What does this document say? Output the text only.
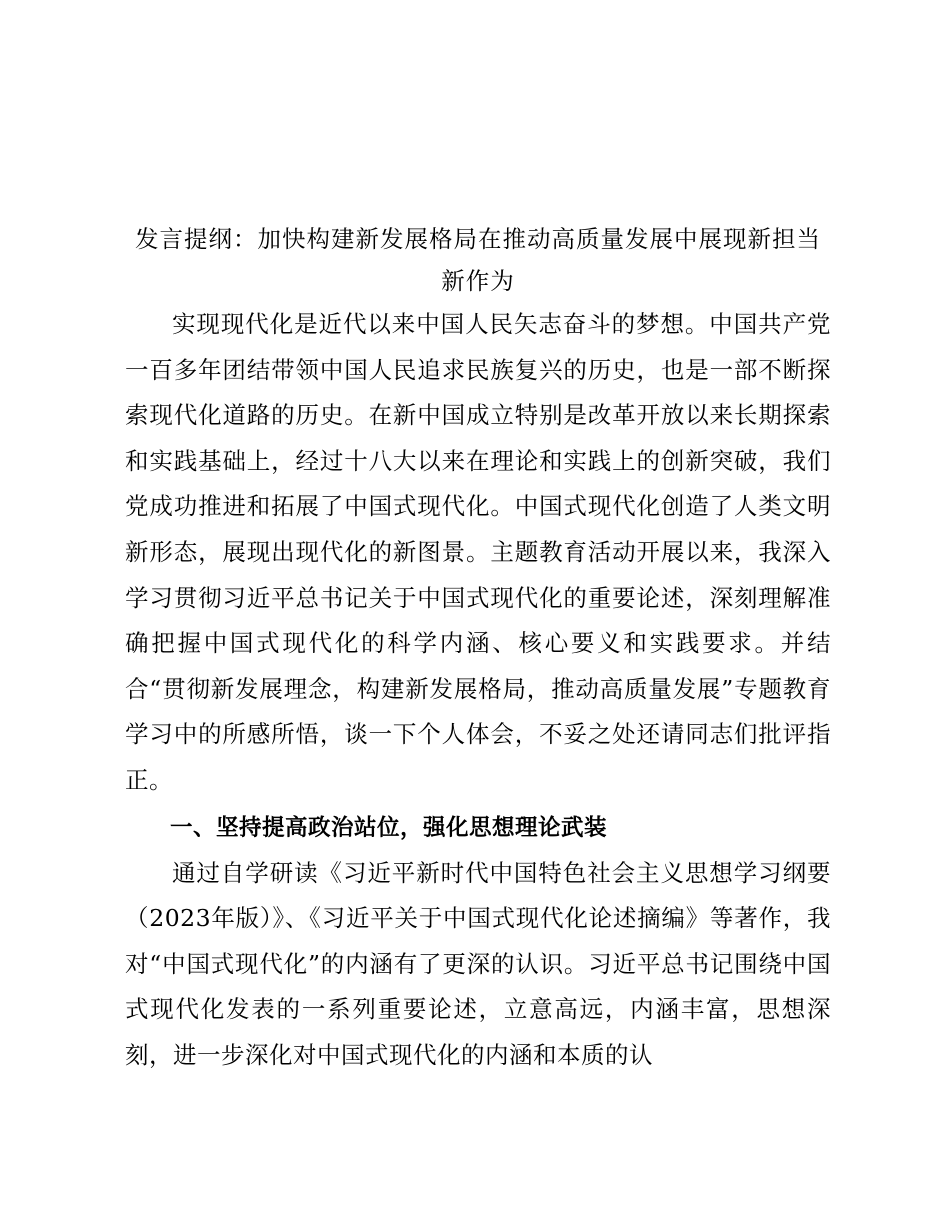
发言提纲：加快构建新发展格局在推动高质量发展中展现新担当新作为

实现现代化是近代以来中国人民矢志奋斗的梦想。中国共产党一百多年团结带领中国人民追求民族复兴的历史，也是一部不断探索现代化道路的历史。在新中国成立特别是改革开放以来长期探索和实践基础上，经过十八大以来在理论和实践上的创新突破，我们党成功推进和拓展了中国式现代化。中国式现代化创造了人类文明新形态，展现出现代化的新图景。主题教育活动开展以来，我深入学习贯彻习近平总书记关于中国式现代化的重要论述，深刻理解准确把握中国式现代化的科学内涵、核心要义和实践要求。并结合“贯彻新发展理念，构建新发展格局，推动高质量发展”专题教育学习中的所感所悟，谈一下个人体会，不妥之处还请同志们批评指正。

一、坚持提高政治站位，强化思想理论武装

通过自学研读《习近平新时代中国特色社会主义思想学习纲要（2023年版）》、《习近平关于中国式现代化论述摘编》等著作，我对“中国式现代化”的内涵有了更深的认识。习近平总书记围绕中国式现代化发表的一系列重要论述，立意高远，内涵丰富，思想深刻，进一步深化对中国式现代化的内涵和本质的认
